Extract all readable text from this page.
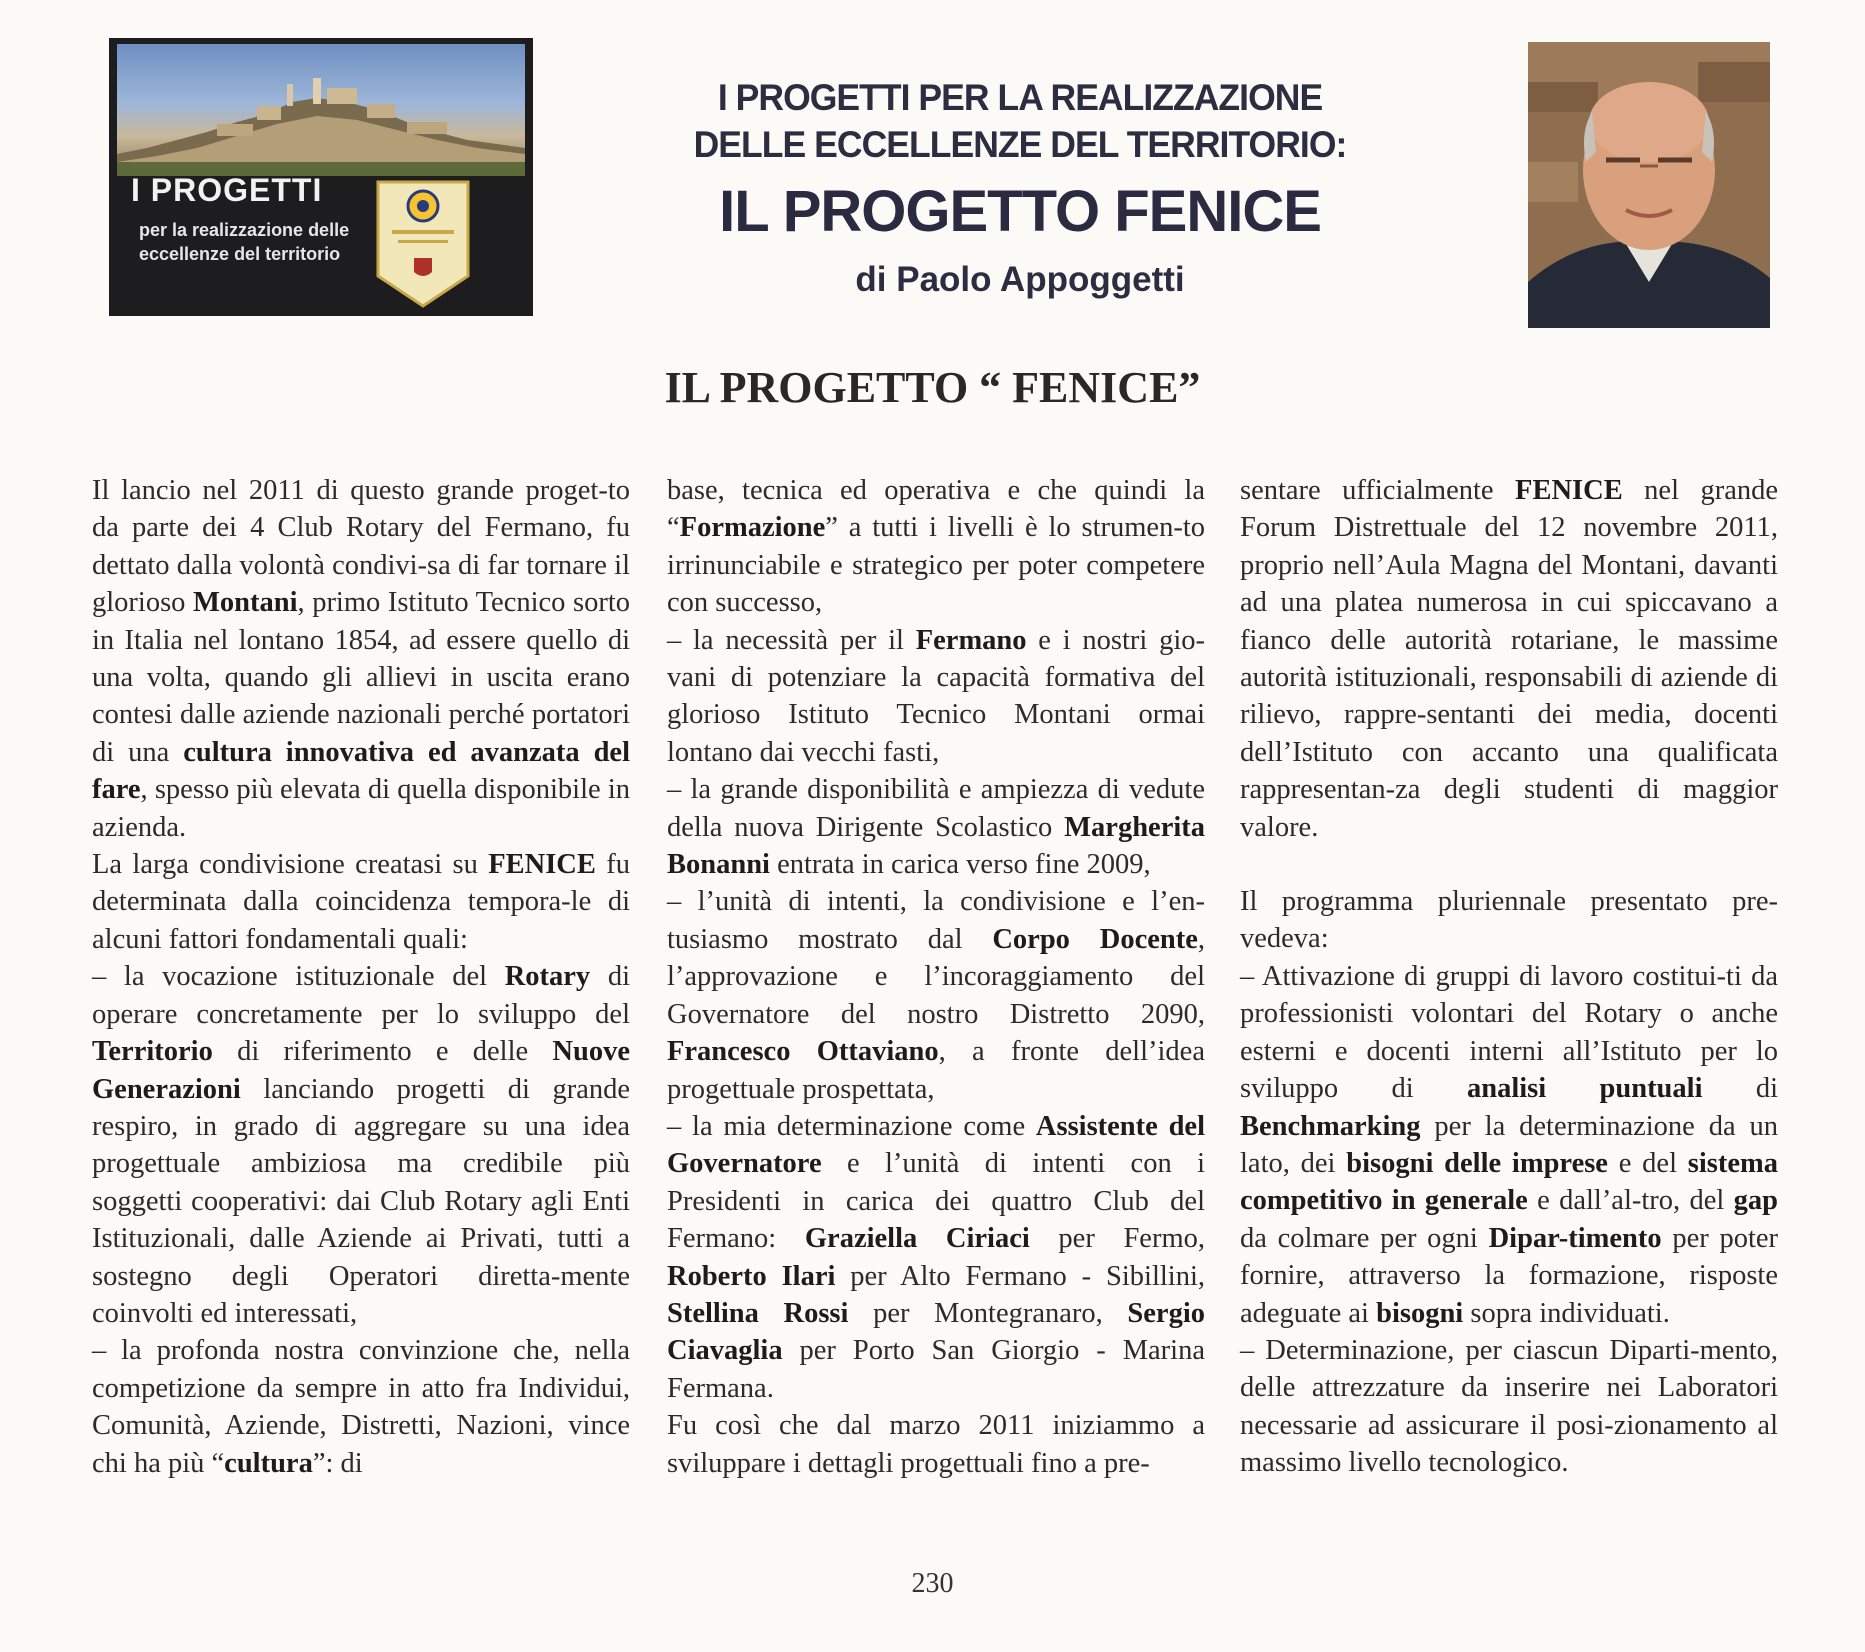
I PROGETTI
per la realizzazione delle eccellenze del territorio
I PROGETTI PER LA REALIZZAZIONE
DELLE ECCELLENZE DEL TERRITORIO:
IL PROGETTO FENICE
di Paolo Appoggetti
IL PROGETTO “ FENICE”

Il lancio nel 2011 di questo grande proget-to da parte dei 4 Club Rotary del Fermano, fu dettato dalla volontà condivi-sa di far tornare il glorioso Montani, primo Istituto Tecnico sorto in Italia nel lontano 1854, ad essere quello di una volta, quando gli allievi in uscita erano contesi dalle aziende nazionali perché portatori di una cultura innovativa ed avanzata del fare, spesso più elevata di quella disponibile in azienda.

La larga condivisione creatasi su FENICE fu determinata dalla coincidenza tempora-le di alcuni fattori fondamentali quali:

– la vocazione istituzionale del Rotary di operare concretamente per lo sviluppo del Territorio di riferimento e delle Nuove Generazioni lanciando progetti di grande respiro, in grado di aggregare su una idea progettuale ambiziosa ma credibile più soggetti cooperativi: dai Club Rotary agli Enti Istituzionali, dalle Aziende ai Privati, tutti a sostegno degli Operatori diretta-mente coinvolti ed interessati,

– la profonda nostra convinzione che, nella competizione da sempre in atto fra Individui, Comunità, Aziende, Distretti, Nazioni, vince chi ha più “cultura”: di

base, tecnica ed operativa e che quindi la “Formazione” a tutti i livelli è lo strumen-to irrinunciabile e strategico per poter competere con successo,

– la necessità per il Fermano e i nostri gio-vani di potenziare la capacità formativa del glorioso Istituto Tecnico Montani ormai lontano dai vecchi fasti,

– la grande disponibilità e ampiezza di vedute della nuova Dirigente Scolastico Margherita Bonanni entrata in carica verso fine 2009,

– l’unità di intenti, la condivisione e l’en-tusiasmo mostrato dal Corpo Docente, l’approvazione e l’incoraggiamento del Governatore del nostro Distretto 2090, Francesco Ottaviano, a fronte dell’idea progettuale prospettata,

– la mia determinazione come Assistente del Governatore e l’unità di intenti con i Presidenti in carica dei quattro Club del Fermano: Graziella Ciriaci per Fermo, Roberto Ilari per Alto Fermano - Sibillini, Stellina Rossi per Montegranaro, Sergio Ciavaglia per Porto San Giorgio - Marina Fermana.

Fu così che dal marzo 2011 iniziammo a sviluppare i dettagli progettuali fino a pre-

sentare ufficialmente FENICE nel grande Forum Distrettuale del 12 novembre 2011, proprio nell’Aula Magna del Montani, davanti ad una platea numerosa in cui spiccavano a fianco delle autorità rotariane, le massime autorità istituzionali, responsabili di aziende di rilievo, rappre-sentanti dei media, docenti dell’Istituto con accanto una qualificata rappresentan-za degli studenti di maggior valore.

Il programma pluriennale presentato pre-vedeva:

– Attivazione di gruppi di lavoro costitui-ti da professionisti volontari del Rotary o anche esterni e docenti interni all’Istituto per lo sviluppo di analisi puntuali di Benchmarking per la determinazione da un lato, dei bisogni delle imprese e del sistema competitivo in generale e dall’al-tro, del gap da colmare per ogni Dipar-timento per poter fornire, attraverso la formazione, risposte adeguate ai bisogni sopra individuati.

– Determinazione, per ciascun Diparti-mento, delle attrezzature da inserire nei Laboratori necessarie ad assicurare il posi-zionamento al massimo livello tecnologico.

230
